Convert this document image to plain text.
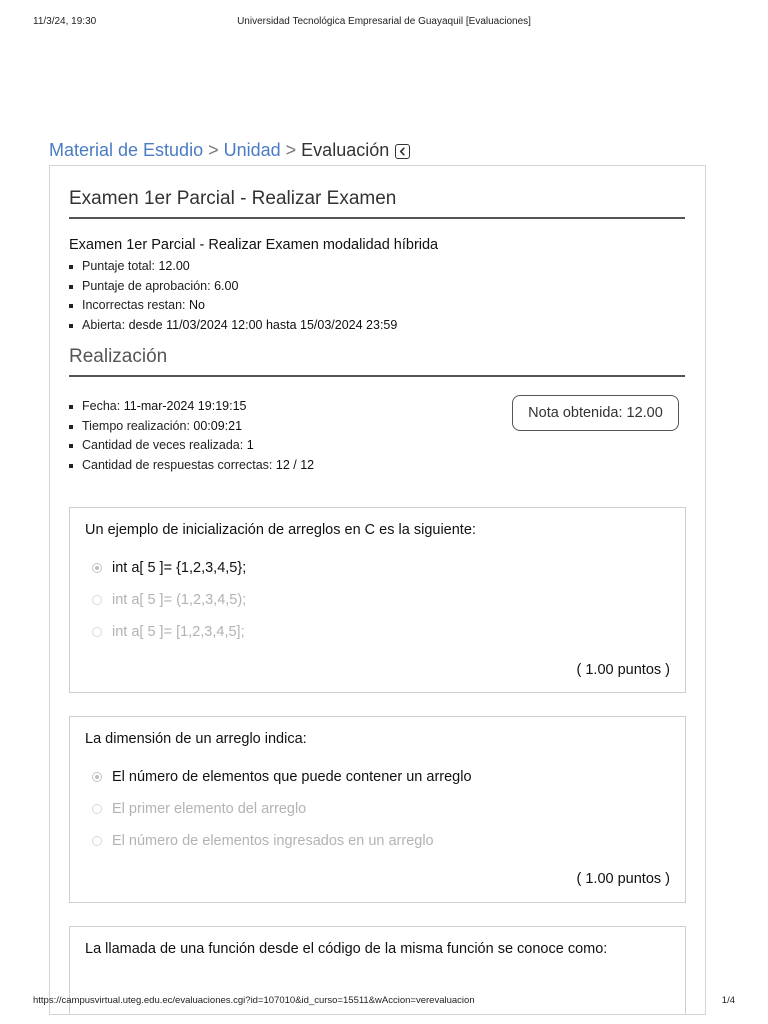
11/3/24, 19:30	Universidad Tecnológica Empresarial de Guayaquil [Evaluaciones]
Material de Estudio > Unidad > Evaluación
Examen 1er Parcial - Realizar Examen
Examen 1er Parcial - Realizar Examen modalidad híbrida
Puntaje total: 12.00
Puntaje de aprobación: 6.00
Incorrectas restan: No
Abierta: desde 11/03/2024 12:00 hasta 15/03/2024 23:59
Realización
Fecha: 11-mar-2024 19:19:15
Tiempo realización: 00:09:21
Cantidad de veces realizada: 1
Cantidad de respuestas correctas: 12 / 12
Nota obtenida: 12.00
Un ejemplo de inicialización de arreglos en C es la siguiente:
int a[ 5 ]= {1,2,3,4,5};
int a[ 5 ]= (1,2,3,4,5);
int a[ 5 ]= [1,2,3,4,5];
( 1.00 puntos )
La dimensión de un arreglo indica:
El número de elementos que puede contener un arreglo
El primer elemento del arreglo
El número de elementos ingresados en un arreglo
( 1.00 puntos )
La llamada de una función desde el código de la misma función se conoce como:
https://campusvirtual.uteg.edu.ec/evaluaciones.cgi?id=107010&id_curso=15511&wAccion=verevaluacion	1/4
